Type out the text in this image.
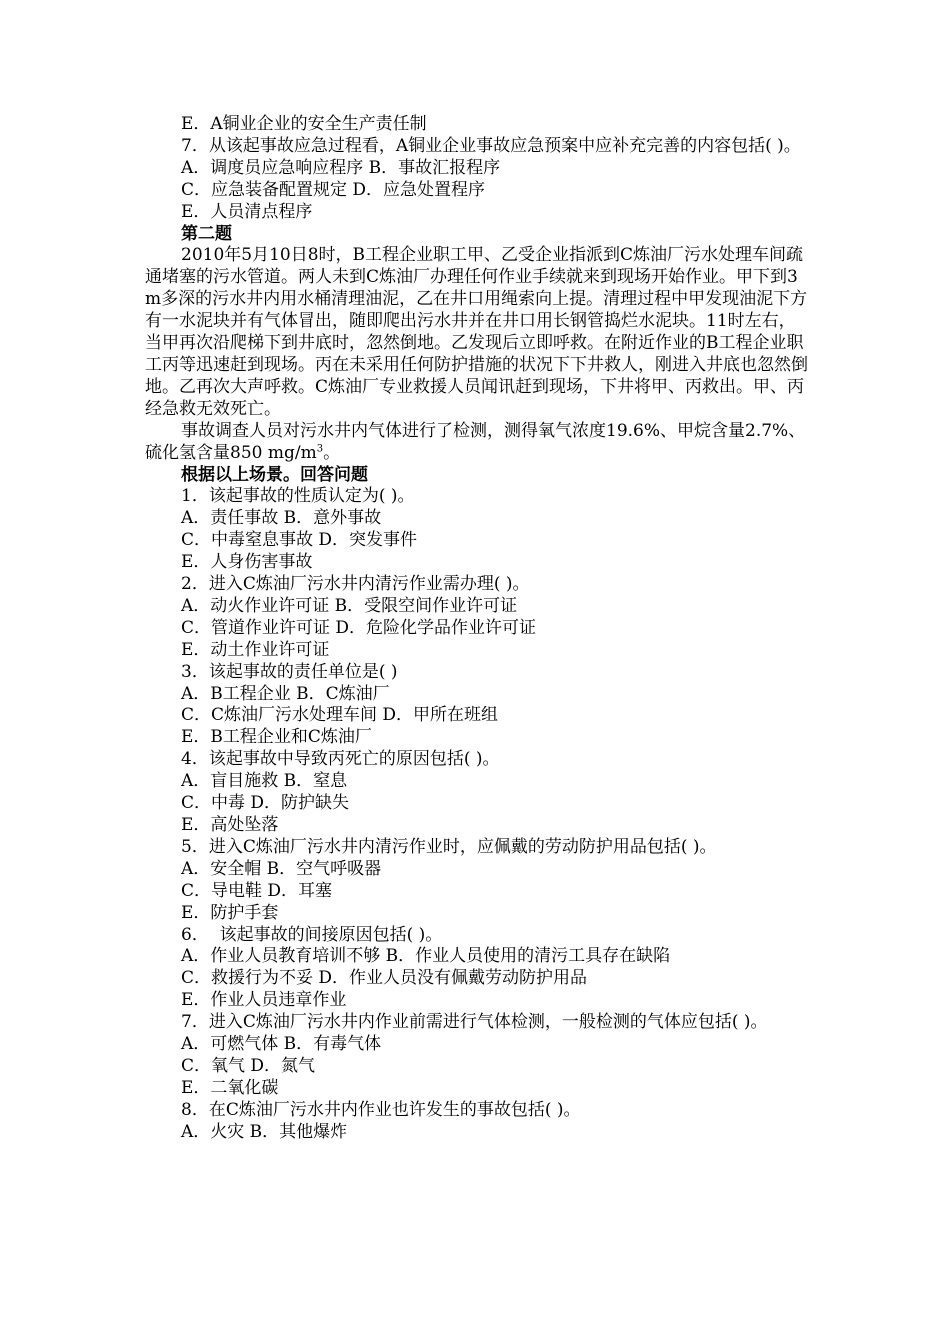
E．A铜业企业的安全生产责任制

7．从该起事故应急过程看，A铜业企业事故应急预案中应补充完善的内容包括( )。

A．调度员应急响应程序 B．事故汇报程序

C．应急装备配置规定 D．应急处置程序

E．人员清点程序

第二题

2010年5月10日8时，B工程企业职工甲、乙受企业指派到C炼油厂污水处理车间疏通堵塞的污水管道。两人未到C炼油厂办理任何作业手续就来到现场开始作业。甲下到3 m多深的污水井内用水桶清理油泥，乙在井口用绳索向上提。清理过程中甲发现油泥下方有一水泥块并有气体冒出，随即爬出污水井并在井口用长钢管捣烂水泥块。11时左右，当甲再次沿爬梯下到井底时，忽然倒地。乙发现后立即呼救。在附近作业的B工程企业职工丙等迅速赶到现场。丙在未采用任何防护措施的状况下下井救人，刚进入井底也忽然倒地。乙再次大声呼救。C炼油厂专业救援人员闻讯赶到现场，下井将甲、丙救出。甲、丙经急救无效死亡。

事故调查人员对污水井内气体进行了检测，测得氧气浓度19.6%、甲烷含量2.7%、硫化氢含量850 $mg/m^3$。

根据以上场景。回答问题

1．该起事故的性质认定为( )。

A．责任事故 B．意外事故

C．中毒窒息事故 D．突发事件

E．人身伤害事故

2．进入C炼油厂污水井内清污作业需办理( )。

A．动火作业许可证 B．受限空间作业许可证

C．管道作业许可证 D．危险化学品作业许可证

E．动土作业许可证

3．该起事故的责任单位是( )

A．B工程企业 B．C炼油厂

C．C炼油厂污水处理车间 D．甲所在班组

E．B工程企业和C炼油厂

4．该起事故中导致丙死亡的原因包括( )。

A．盲目施救 B．窒息

C．中毒 D．防护缺失

E．高处坠落

5．进入C炼油厂污水井内清污作业时，应佩戴的劳动防护用品包括( )。

A．安全帽 B．空气呼吸器

C．导电鞋 D．耳塞

E．防护手套

6．  该起事故的间接原因包括( )。

A．作业人员教育培训不够 B．作业人员使用的清污工具存在缺陷

C．救援行为不妥 D．作业人员没有佩戴劳动防护用品

E．作业人员违章作业

7．进入C炼油厂污水井内作业前需进行气体检测，一般检测的气体应包括( )。

A．可燃气体 B．有毒气体

C．氧气 D．氮气

E．二氧化碳

8．在C炼油厂污水井内作业也许发生的事故包括( )。

A．火灾 B．其他爆炸
